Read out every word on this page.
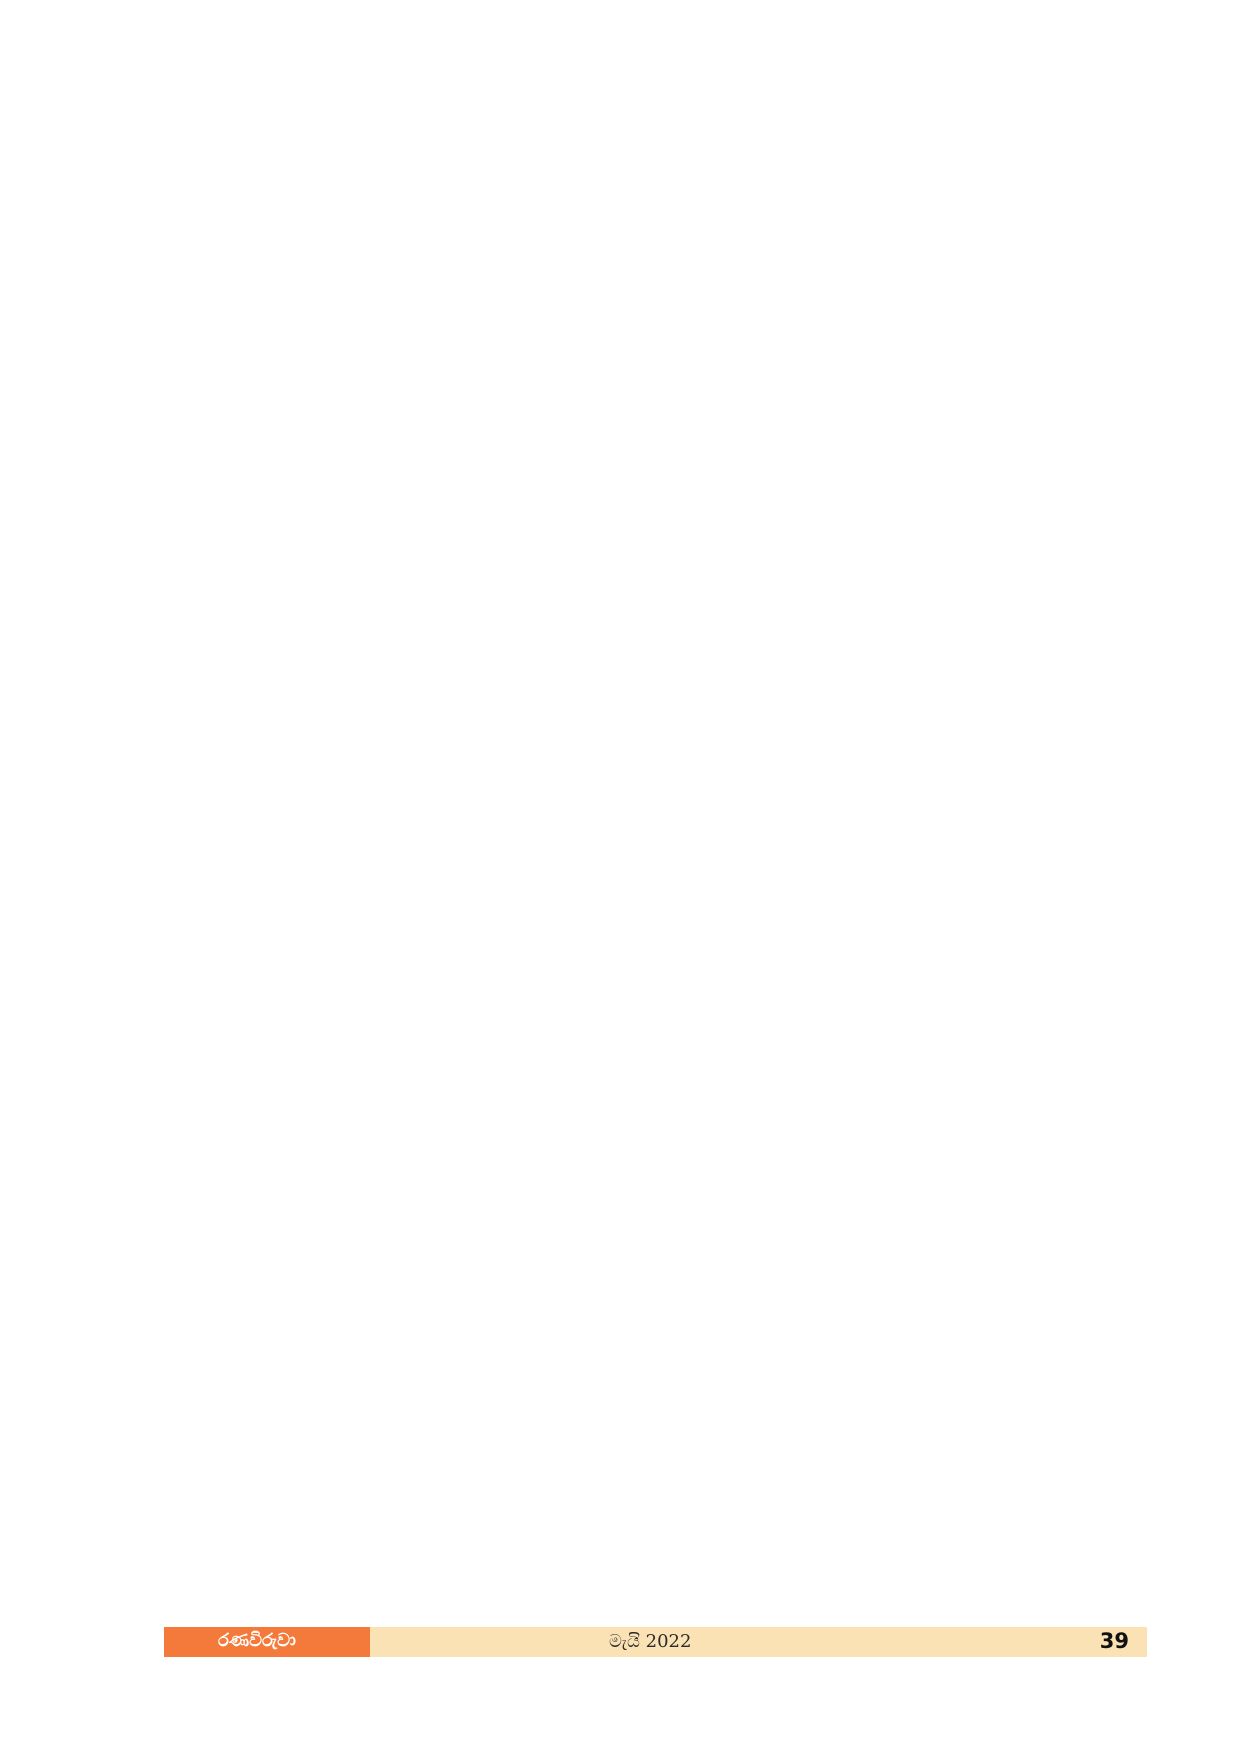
රණවිරුවා	මැයි 2022	39
